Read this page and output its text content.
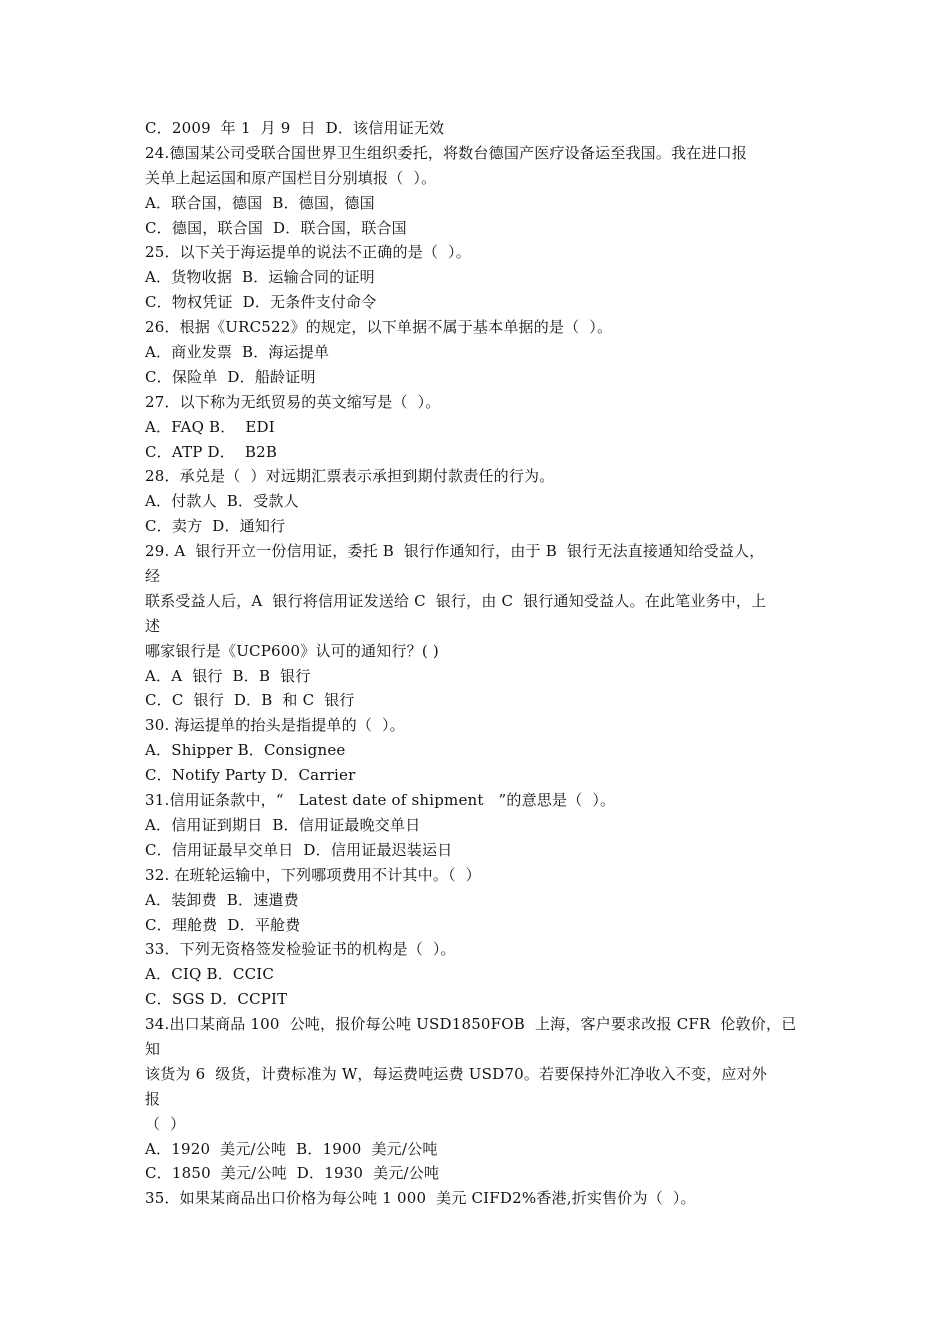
C．2009  年 1  月 9  日  D．该信用证无效
24.德国某公司受联合国世界卫生组织委托，将数台德国产医疗设备运至我国。我在进口报
关单上起运国和原产国栏目分别填报（  ）。
A．联合国，德国  B．德国，德国
C．德国，联合国  D．联合国，联合国
25．以下关于海运提单的说法不正确的是（  ）。
A．货物收据  B．运输合同的证明
C．物权凭证  D．无条件支付命令
26．根据《URC522》的规定，以下单据不属于基本单据的是（  ）。
A．商业发票  B．海运提单
C．保险单  D．船龄证明
27．以下称为无纸贸易的英文缩写是（  ）。
A．FAQ B．  EDI
C．ATP D．  B2B
28．承兑是（  ）对远期汇票表示承担到期付款责任的行为。
A．付款人  B．受款人
C．卖方  D．通知行
29. A  银行开立一份信用证，委托 B  银行作通知行，由于 B  银行无法直接通知给受益人，
经
联系受益人后，A  银行将信用证发送给 C  银行，由 C  银行通知受益人。在此笔业务中，上
述
哪家银行是《UCP600》认可的通知行？( )
A．A  银行  B．B  银行
C．C  银行  D．B  和 C  银行
30. 海运提单的抬头是指提单的（  ）。
A．Shipper B．Consignee
C．Notify Party D．Carrier
31.信用证条款中，“   Latest date of shipment   ”的意思是（  ）。
A．信用证到期日  B．信用证最晚交单日
C．信用证最早交单日  D．信用证最迟装运日
32. 在班轮运输中，下列哪项费用不计其中。（  ）
A．装卸费  B．速遣费
C．理舱费  D．平舱费
33．下列无资格签发检验证书的机构是（  ）。
A．CIQ B．CCIC
C．SGS D．CCPIT
34.出口某商品 100  公吨，报价每公吨 USD1850FOB  上海，客户要求改报 CFR  伦敦价，已
知
该货为 6  级货，计费标准为 W，每运费吨运费 USD70。若要保持外汇净收入不变，应对外
报
（  ）
A．1920  美元/公吨  B．1900  美元/公吨
C．1850  美元/公吨  D．1930  美元/公吨
35．如果某商品出口价格为每公吨 1 000  美元 CIFD2%香港,折实售价为（  ）。
